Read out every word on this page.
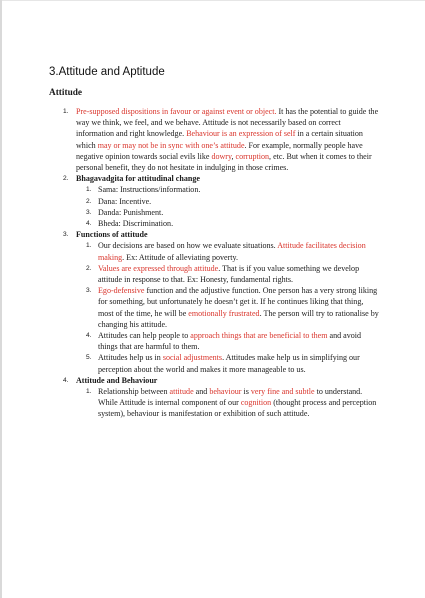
3.Attitude and Aptitude
Attitude
1. Pre-supposed dispositions in favour or against event or object. It has the potential to guide the way we think, we feel, and we behave. Attitude is not necessarily based on correct information and right knowledge. Behaviour is an expression of self in a certain situation which may or may not be in sync with one’s attitude. For example, normally people have negative opinion towards social evils like dowry, corruption, etc. But when it comes to their personal benefit, they do not hesitate in indulging in those crimes.
2. Bhagavadgita for attitudinal change
1. Sama: Instructions/information.
2. Dana: Incentive.
3. Danda: Punishment.
4. Bheda: Discrimination.
3. Functions of attitude
1. Our decisions are based on how we evaluate situations. Attitude facilitates decision making. Ex: Attitude of alleviating poverty.
2. Values are expressed through attitude. That is if you value something we develop attitude in response to that. Ex: Honesty, fundamental rights.
3. Ego-defensive function and the adjustive function. One person has a very strong liking for something, but unfortunately he doesn’t get it. If he continues liking that thing, most of the time, he will be emotionally frustrated. The person will try to rationalise by changing his attitude.
4. Attitudes can help people to approach things that are beneficial to them and avoid things that are harmful to them.
5. Attitudes help us in social adjustments. Attitudes make help us in simplifying our perception about the world and makes it more manageable to us.
4. Attitude and Behaviour
1. Relationship between attitude and behaviour is very fine and subtle to understand. While Attitude is internal component of our cognition (thought process and perception system), behaviour is manifestation or exhibition of such attitude.
